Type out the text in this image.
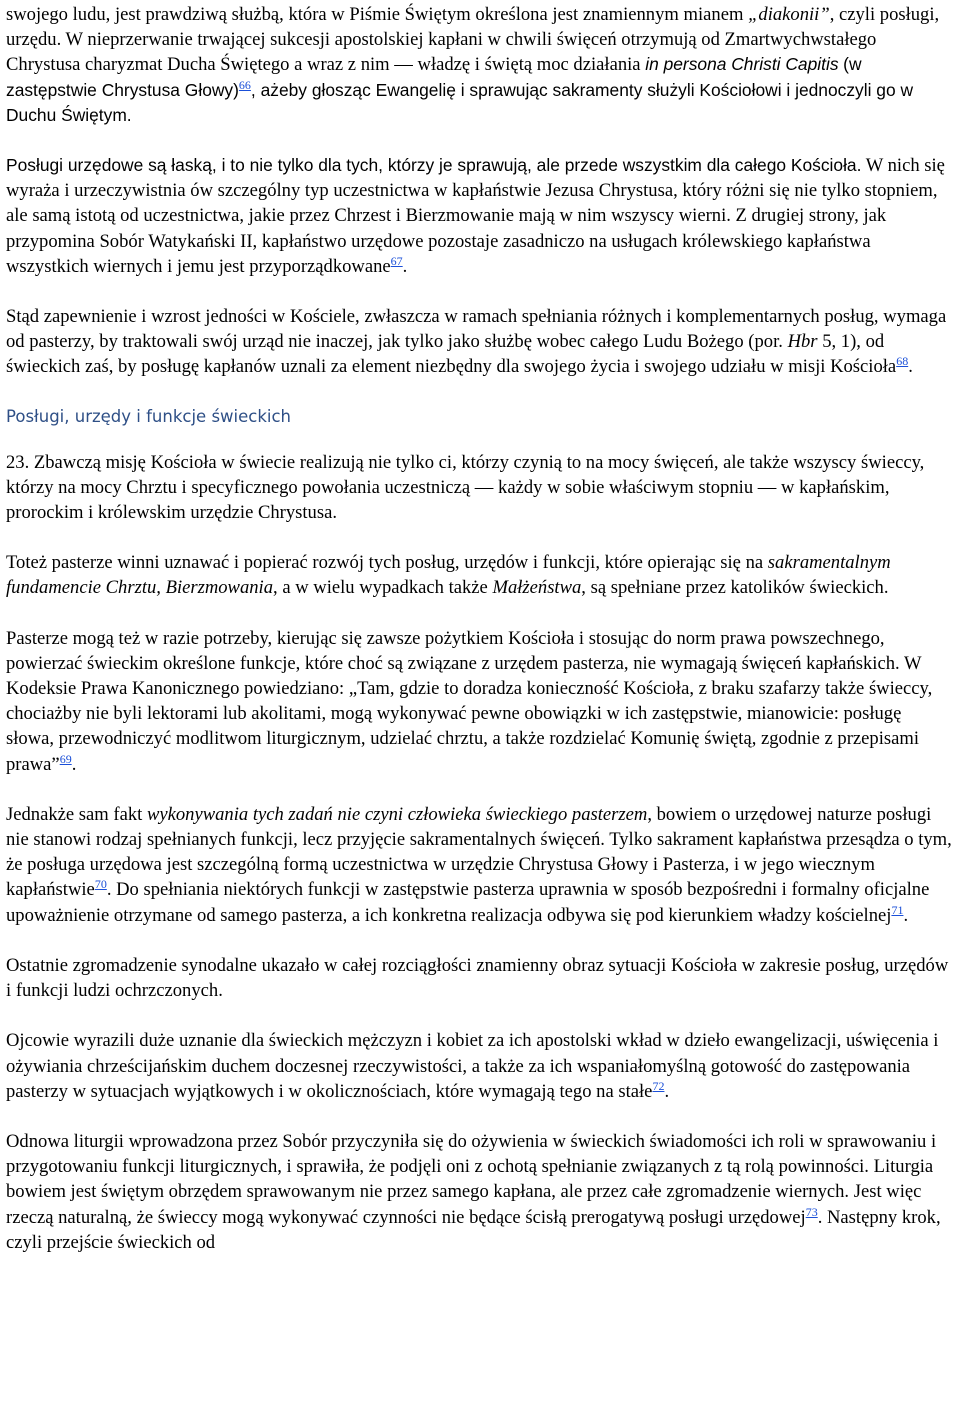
swojego ludu, jest prawdziwą służbą, która w Piśmie Świętym określona jest znamiennym mianem „diakonii”, czyli posługi, urzędu. W nieprzerwanie trwającej sukcesji apostolskiej kapłani w chwili święceń otrzymują od Zmartwychwstałego Chrystusa charyzmat Ducha Świętego a wraz z nim — władzę i świętą moc działania in persona Christi Capitis (w zastępstwie Chrystusa Głowy)$^{66}$, ażeby głosząc Ewangelię i sprawując sakramenty służyli Kościołowi i jednoczyli go w Duchu Świętym.

Posługi urzędowe są łaską, i to nie tylko dla tych, którzy je sprawują, ale przede wszystkim dla całego Kościoła. W nich się wyraża i urzeczywistnia ów szczególny typ uczestnictwa w kapłaństwie Jezusa Chrystusa, który różni się nie tylko stopniem, ale samą istotą od uczestnictwa, jakie przez Chrzest i Bierzmowanie mają w nim wszyscy wierni. Z drugiej strony, jak przypomina Sobór Watykański II, kapłaństwo urzędowe pozostaje zasadniczo na usługach królewskiego kapłaństwa wszystkich wiernych i jemu jest przyporządkowane$^{67}$.

Stąd zapewnienie i wzrost jedności w Kościele, zwłaszcza w ramach spełniania różnych i komplementarnych posług, wymaga od pasterzy, by traktowali swój urząd nie inaczej, jak tylko jako służbę wobec całego Ludu Bożego (por. Hbr 5, 1), od świeckich zaś, by posługę kapłanów uznali za element niezbędny dla swojego życia i swojego udziału w misji Kościoła$^{68}$.

Posługi, urzędy i funkcje świeckich

23. Zbawczą misję Kościoła w świecie realizują nie tylko ci, którzy czynią to na mocy święceń, ale także wszyscy świeccy, którzy na mocy Chrztu i specyficznego powołania uczestniczą — każdy w sobie właściwym stopniu — w kapłańskim, prorockim i królewskim urzędzie Chrystusa.

Toteż pasterze winni uznawać i popierać rozwój tych posług, urzędów i funkcji, które opierając się na sakramentalnym fundamencie Chrztu, Bierzmowania, a w wielu wypadkach także Małżeństwa, są spełniane przez katolików świeckich.

Pasterze mogą też w razie potrzeby, kierując się zawsze pożytkiem Kościoła i stosując do norm prawa powszechnego, powierzać świeckim określone funkcje, które choć są związane z urzędem pasterza, nie wymagają święceń kapłańskich. W Kodeksie Prawa Kanonicznego powiedziano: „Tam, gdzie to doradza konieczność Kościoła, z braku szafarzy także świeccy, chociażby nie byli lektorami lub akolitami, mogą wykonywać pewne obowiązki w ich zastępstwie, mianowicie: posługę słowa, przewodniczyć modlitwom liturgicznym, udzielać chrztu, a także rozdzielać Komunię świętą, zgodnie z przepisami prawa”$^{69}$.

Jednakże sam fakt wykonywania tych zadań nie czyni człowieka świeckiego pasterzem, bowiem o urzędowej naturze posługi nie stanowi rodzaj spełnianych funkcji, lecz przyjęcie sakramentalnych święceń. Tylko sakrament kapłaństwa przesądza o tym, że posługa urzędowa jest szczególną formą uczestnictwa w urzędzie Chrystusa Głowy i Pasterza, i w jego wiecznym kapłaństwie$^{70}$. Do spełniania niektórych funkcji w zastępstwie pasterza uprawnia w sposób bezpośredni i formalny oficjalne upoważnienie otrzymane od samego pasterza, a ich konkretna realizacja odbywa się pod kierunkiem władzy kościelnej$^{71}$.

Ostatnie zgromadzenie synodalne ukazało w całej rozciągłości znamienny obraz sytuacji Kościoła w zakresie posług, urzędów i funkcji ludzi ochrzczonych.

Ojcowie wyrazili duże uznanie dla świeckich mężczyzn i kobiet za ich apostolski wkład w dzieło ewangelizacji, uświęcenia i ożywiania chrześcijańskim duchem doczesnej rzeczywistości, a także za ich wspaniałomyślną gotowość do zastępowania pasterzy w sytuacjach wyjątkowych i w okolicznościach, które wymagają tego na stałe$^{72}$.

Odnowa liturgii wprowadzona przez Sobór przyczyniła się do ożywienia w świeckich świadomości ich roli w sprawowaniu i przygotowaniu funkcji liturgicznych, i sprawiła, że podjęli oni z ochotą spełnianie związanych z tą rolą powinności. Liturgia bowiem jest świętym obrzędem sprawowanym nie przez samego kapłana, ale przez całe zgromadzenie wiernych. Jest więc rzeczą naturalną, że świeccy mogą wykonywać czynności nie będące ścisłą prerogatywą posługi urzędowej$^{73}$. Następny krok, czyli przejście świeckich od
